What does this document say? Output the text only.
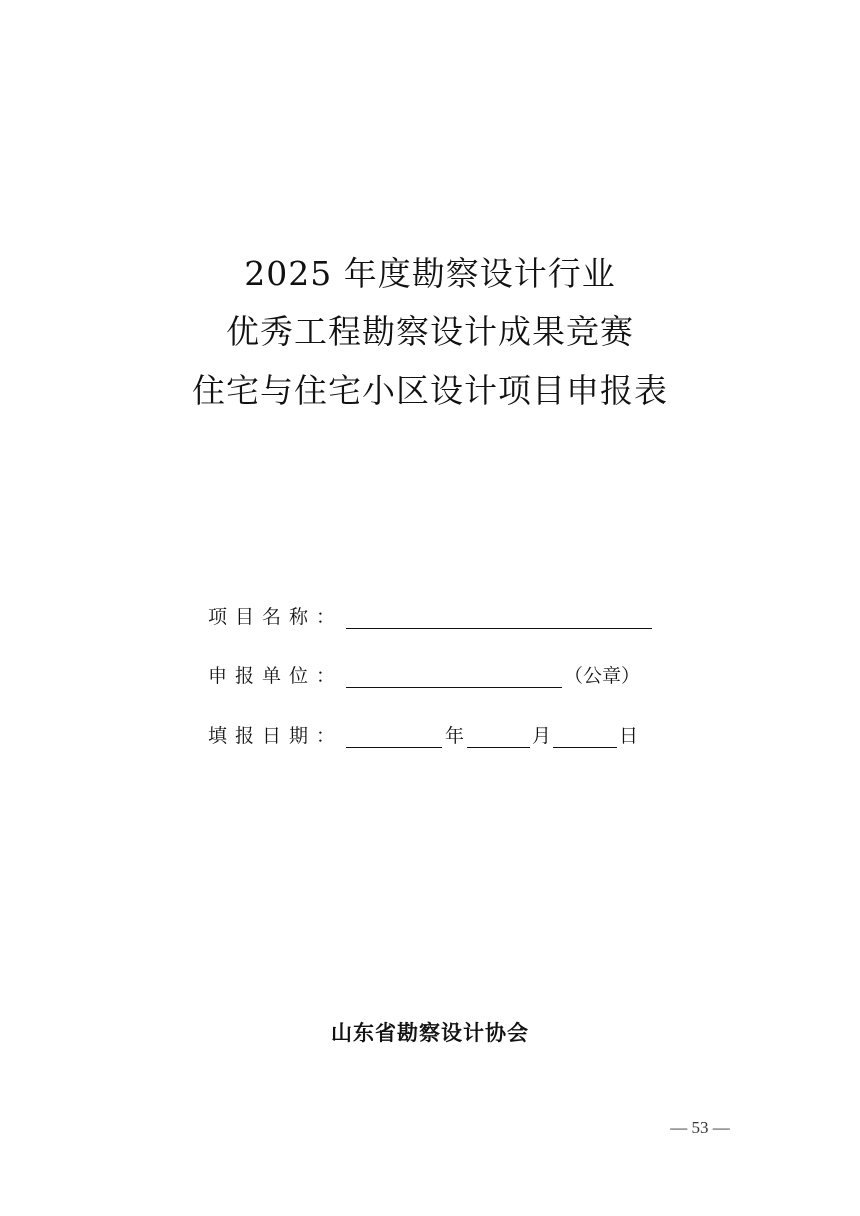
2025 年度勘察设计行业
优秀工程勘察设计成果竞赛
住宅与住宅小区设计项目申报表
项目名称：
申报单位：	（公章）
填报日期：	年	月	日
山东省勘察设计协会
— 53 —
